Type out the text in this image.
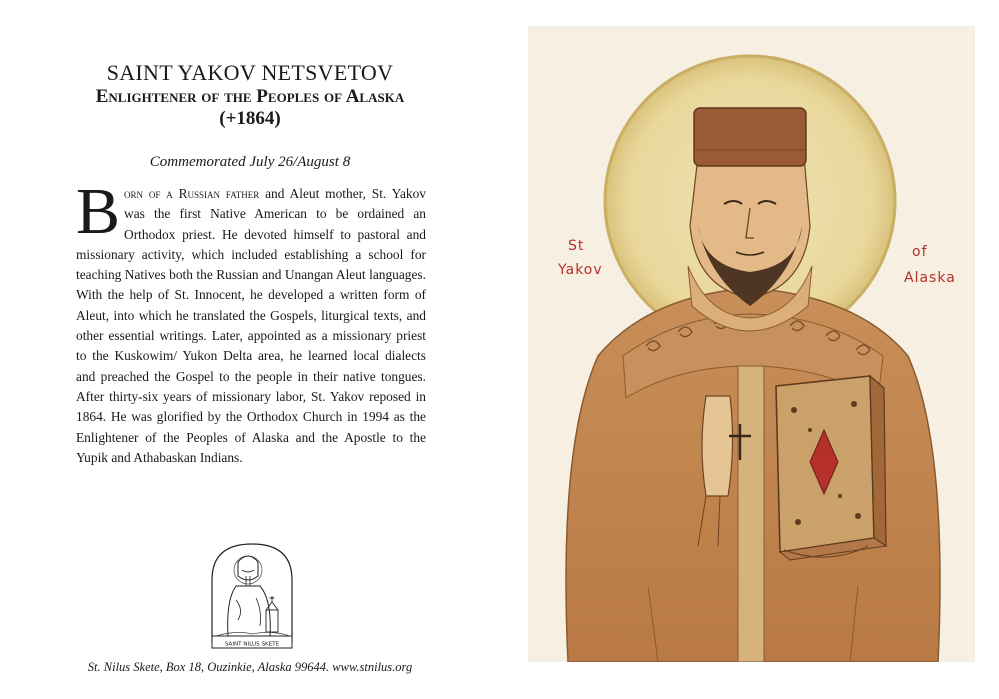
SAINT YAKOV NETSVETOV
Enlightener of the Peoples of Alaska
(+1864)
Commemorated July 26/August 8
Born of a Russian father and Aleut mother, St. Yakov was the first Native American to be ordained an Orthodox priest. He devoted himself to pastoral and missionary activity, which included establishing a school for teaching Natives both the Russian and Unangan Aleut languages. With the help of St. Innocent, he developed a written form of Aleut, into which he translated the Gospels, liturgical texts, and other essential writings. Later, appointed as a missionary priest to the Kuskowim/ Yukon Delta area, he learned local dialects and preached the Gospel to the people in their native tongues. After thirty-six years of missionary labor, St. Yakov reposed in 1864. He was glorified by the Orthodox Church in 1994 as the Enlightener of the Peoples of Alaska and the Apostle to the Yupik and Athabaskan Indians.
SAINT NILUS SKETE
St. Nilus Skete, Box 18, Ouzinkie, Alaska 99644. www.stnilus.org
St
Yakov
of
Alaska
